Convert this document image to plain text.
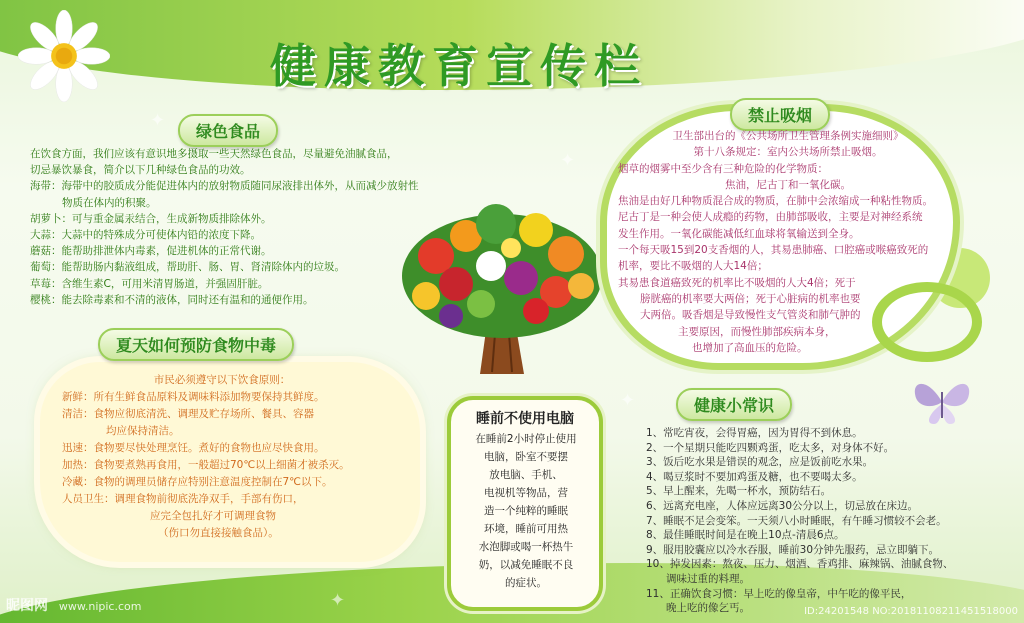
✦
✦
✦
✦
健康教育宣传栏
绿色食品

在饮食方面，我们应该有意识地多摄取一些天然绿色食品，尽量避免油腻食品，

切忌暴饮暴食，简介以下几种绿色食品的功效。

海带：海带中的胶质成分能促进体内的放射物质随同尿液排出体外，从而减少放射性

物质在体内的积聚。

胡萝卜：可与重金属汞结合，生成新物质排除体外。

大蒜：大蒜中的特殊成分可使体内铅的浓度下降。

蘑菇：能帮助排泄体内毒素，促进机体的正常代谢。

葡萄：能帮助肠内黏液组成，帮助肝、肠、胃、肾清除体内的垃圾。

草莓：含维生素C，可用米清胃肠道，并强固肝脏。

樱桃：能去除毒素和不清的液体，同时还有温和的通便作用。

夏天如何预防食物中毒

市民必须遵守以下饮食原则：

新鲜：所有生鲜食品原料及调味料添加物要保持其鲜度。

清洁：食物应彻底清洗、调理及贮存场所、餐具、容器

均应保持清洁。

迅速：食物要尽快处理烹饪。煮好的食物也应尽快食用。

加热：食物要煮熟再食用，一般超过70℃以上细菌才被杀灭。

冷藏：食物的调理员储存应特别注意温度控制在7℃以下。

人员卫生：调理食物前彻底洗净双手，手部有伤口，

应完全包扎好才可调理食物

（伤口勿直接接触食品）。

睡前不使用电脑

在睡前2小时停止使用

电脑，卧室不要摆

放电脑、手机、

电视机等物品，营

造一个纯粹的睡眠

环境，睡前可用热

水泡脚或喝一杯热牛

奶，以减免睡眠不良

的症状。

禁止吸烟

卫生部出台的《公共场所卫生管理条例实施细则》

第十八条规定：室内公共场所禁止吸烟。

烟草的烟雾中至少含有三种危险的化学物质：

焦油，尼古丁和一氧化碳。

焦油是由好几种物质混合成的物质，在肺中会浓缩成一种粘性物质。

尼古丁是一种会使人成瘾的药物，由肺部吸收，主要是对神经系统

发生作用。一氧化碳能减低红血球将氧输送到全身。

一个每天吸15到20支香烟的人，其易患肺癌、口腔癌或喉癌致死的

机率，要比不吸烟的人大14倍；

其易患食道癌致死的机率比不吸烟的人大4倍；死于

膀胱癌的机率要大两倍；死于心脏病的机率也要

大两倍。吸香烟是导致慢性支气管炎和肺气肿的

主要原因，而慢性肺部疾病本身，

也增加了高血压的危险。

健康小常识

1、常吃宵夜，会得胃癌，因为胃得不到休息。

2、一个星期只能吃四颗鸡蛋，吃太多，对身体不好。

3、饭后吃水果是错误的观念，应是饭前吃水果。

4、喝豆浆时不要加鸡蛋及糖，也不要喝太多。

5、早上醒来，先喝一杯水，预防结石。

6、远离充电座，人体应远离30公分以上，切忌放在床边。

7、睡眠不足会变笨。一天须八小时睡眠，有午睡习惯较不会老。

8、最佳睡眠时间是在晚上10点-清晨6点。

9、服用胶囊应以冷水吞服，睡前30分钟先服药，忌立即躺下。

10、掉发因素：熬夜、压力、烟酒、香鸡排、麻辣锅、油腻食物、

调味过重的料理。

11、正确饮食习惯：早上吃的像皇帝，中午吃的像平民，

晚上吃的像乞丐。

昵图网 www.nipic.com	ID:24201548 NO:20181108211451518000
